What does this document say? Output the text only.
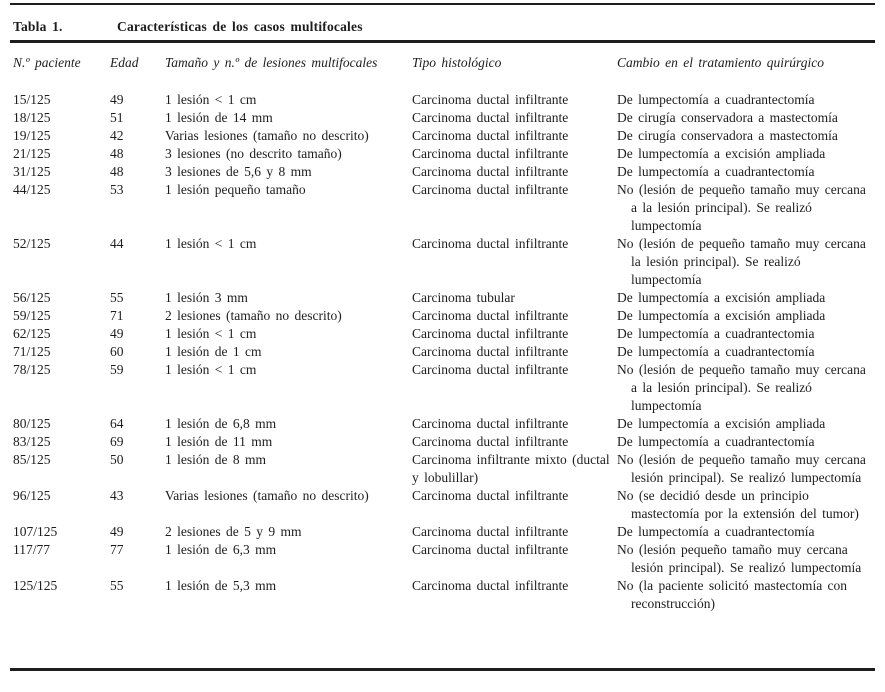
Tabla 1.	Características de los casos multifocales
N.º paciente	Edad	Tamaño y n.º de lesiones multifocales	Tipo histológico	Cambio en el tratamiento quirúrgico
15/125	49	1 lesión < 1 cm	Carcinoma ductal infiltrante	De lumpectomía a cuadrantectomía
18/125	51	1 lesión de 14 mm	Carcinoma ductal infiltrante	De cirugía conservadora a mastectomía
19/125	42	Varias lesiones (tamaño no descrito)	Carcinoma ductal infiltrante	De cirugía conservadora a mastectomía
21/125	48	3 lesiones (no descrito tamaño)	Carcinoma ductal infiltrante	De lumpectomía a excisión ampliada
31/125	48	3 lesiones de 5,6 y 8 mm	Carcinoma ductal infiltrante	De lumpectomía a cuadrantectomía
44/125	53	1 lesión pequeño tamaño	Carcinoma ductal infiltrante	No (lesión de pequeño tamaño muy cercana a la lesión principal). Se realizó lumpectomía
52/125	44	1 lesión < 1 cm	Carcinoma ductal infiltrante	No (lesión de pequeño tamaño muy cercana la lesión principal). Se realizó lumpectomía
56/125	55	1 lesión 3 mm	Carcinoma tubular	De lumpectomía a excisión ampliada
59/125	71	2 lesiones (tamaño no descrito)	Carcinoma ductal infiltrante	De lumpectomía a excisión ampliada
62/125	49	1 lesión < 1 cm	Carcinoma ductal infiltrante	De lumpectomía a cuadrantectomia
71/125	60	1 lesión de 1 cm	Carcinoma ductal infiltrante	De lumpectomía a cuadrantectomía
78/125	59	1 lesión < 1 cm	Carcinoma ductal infiltrante	No (lesión de pequeño tamaño muy cercana a la lesión principal). Se realizó lumpectomía
80/125	64	1 lesión de 6,8 mm	Carcinoma ductal infiltrante	De lumpectomía a excisión ampliada
83/125	69	1 lesión de 11 mm	Carcinoma ductal infiltrante	De lumpectomía a cuadrantectomía
85/125	50	1 lesión de 8 mm	Carcinoma infiltrante mixto (ductal y lobulillar)	No (lesión de pequeño tamaño muy cercana lesión principal). Se realizó lumpectomía
96/125	43	Varias lesiones (tamaño no descrito)	Carcinoma ductal infiltrante	No (se decidió desde un principio mastectomía por la extensión del tumor)
107/125	49	2 lesiones de 5 y 9 mm	Carcinoma ductal infiltrante	De lumpectomía a cuadrantectomía
117/77	77	1 lesión de 6,3 mm	Carcinoma ductal infiltrante	No (lesión pequeño tamaño muy cercana lesión principal). Se realizó lumpectomía
125/125	55	1 lesión de 5,3 mm	Carcinoma ductal infiltrante	No (la paciente solicitó mastectomía con reconstrucción)
